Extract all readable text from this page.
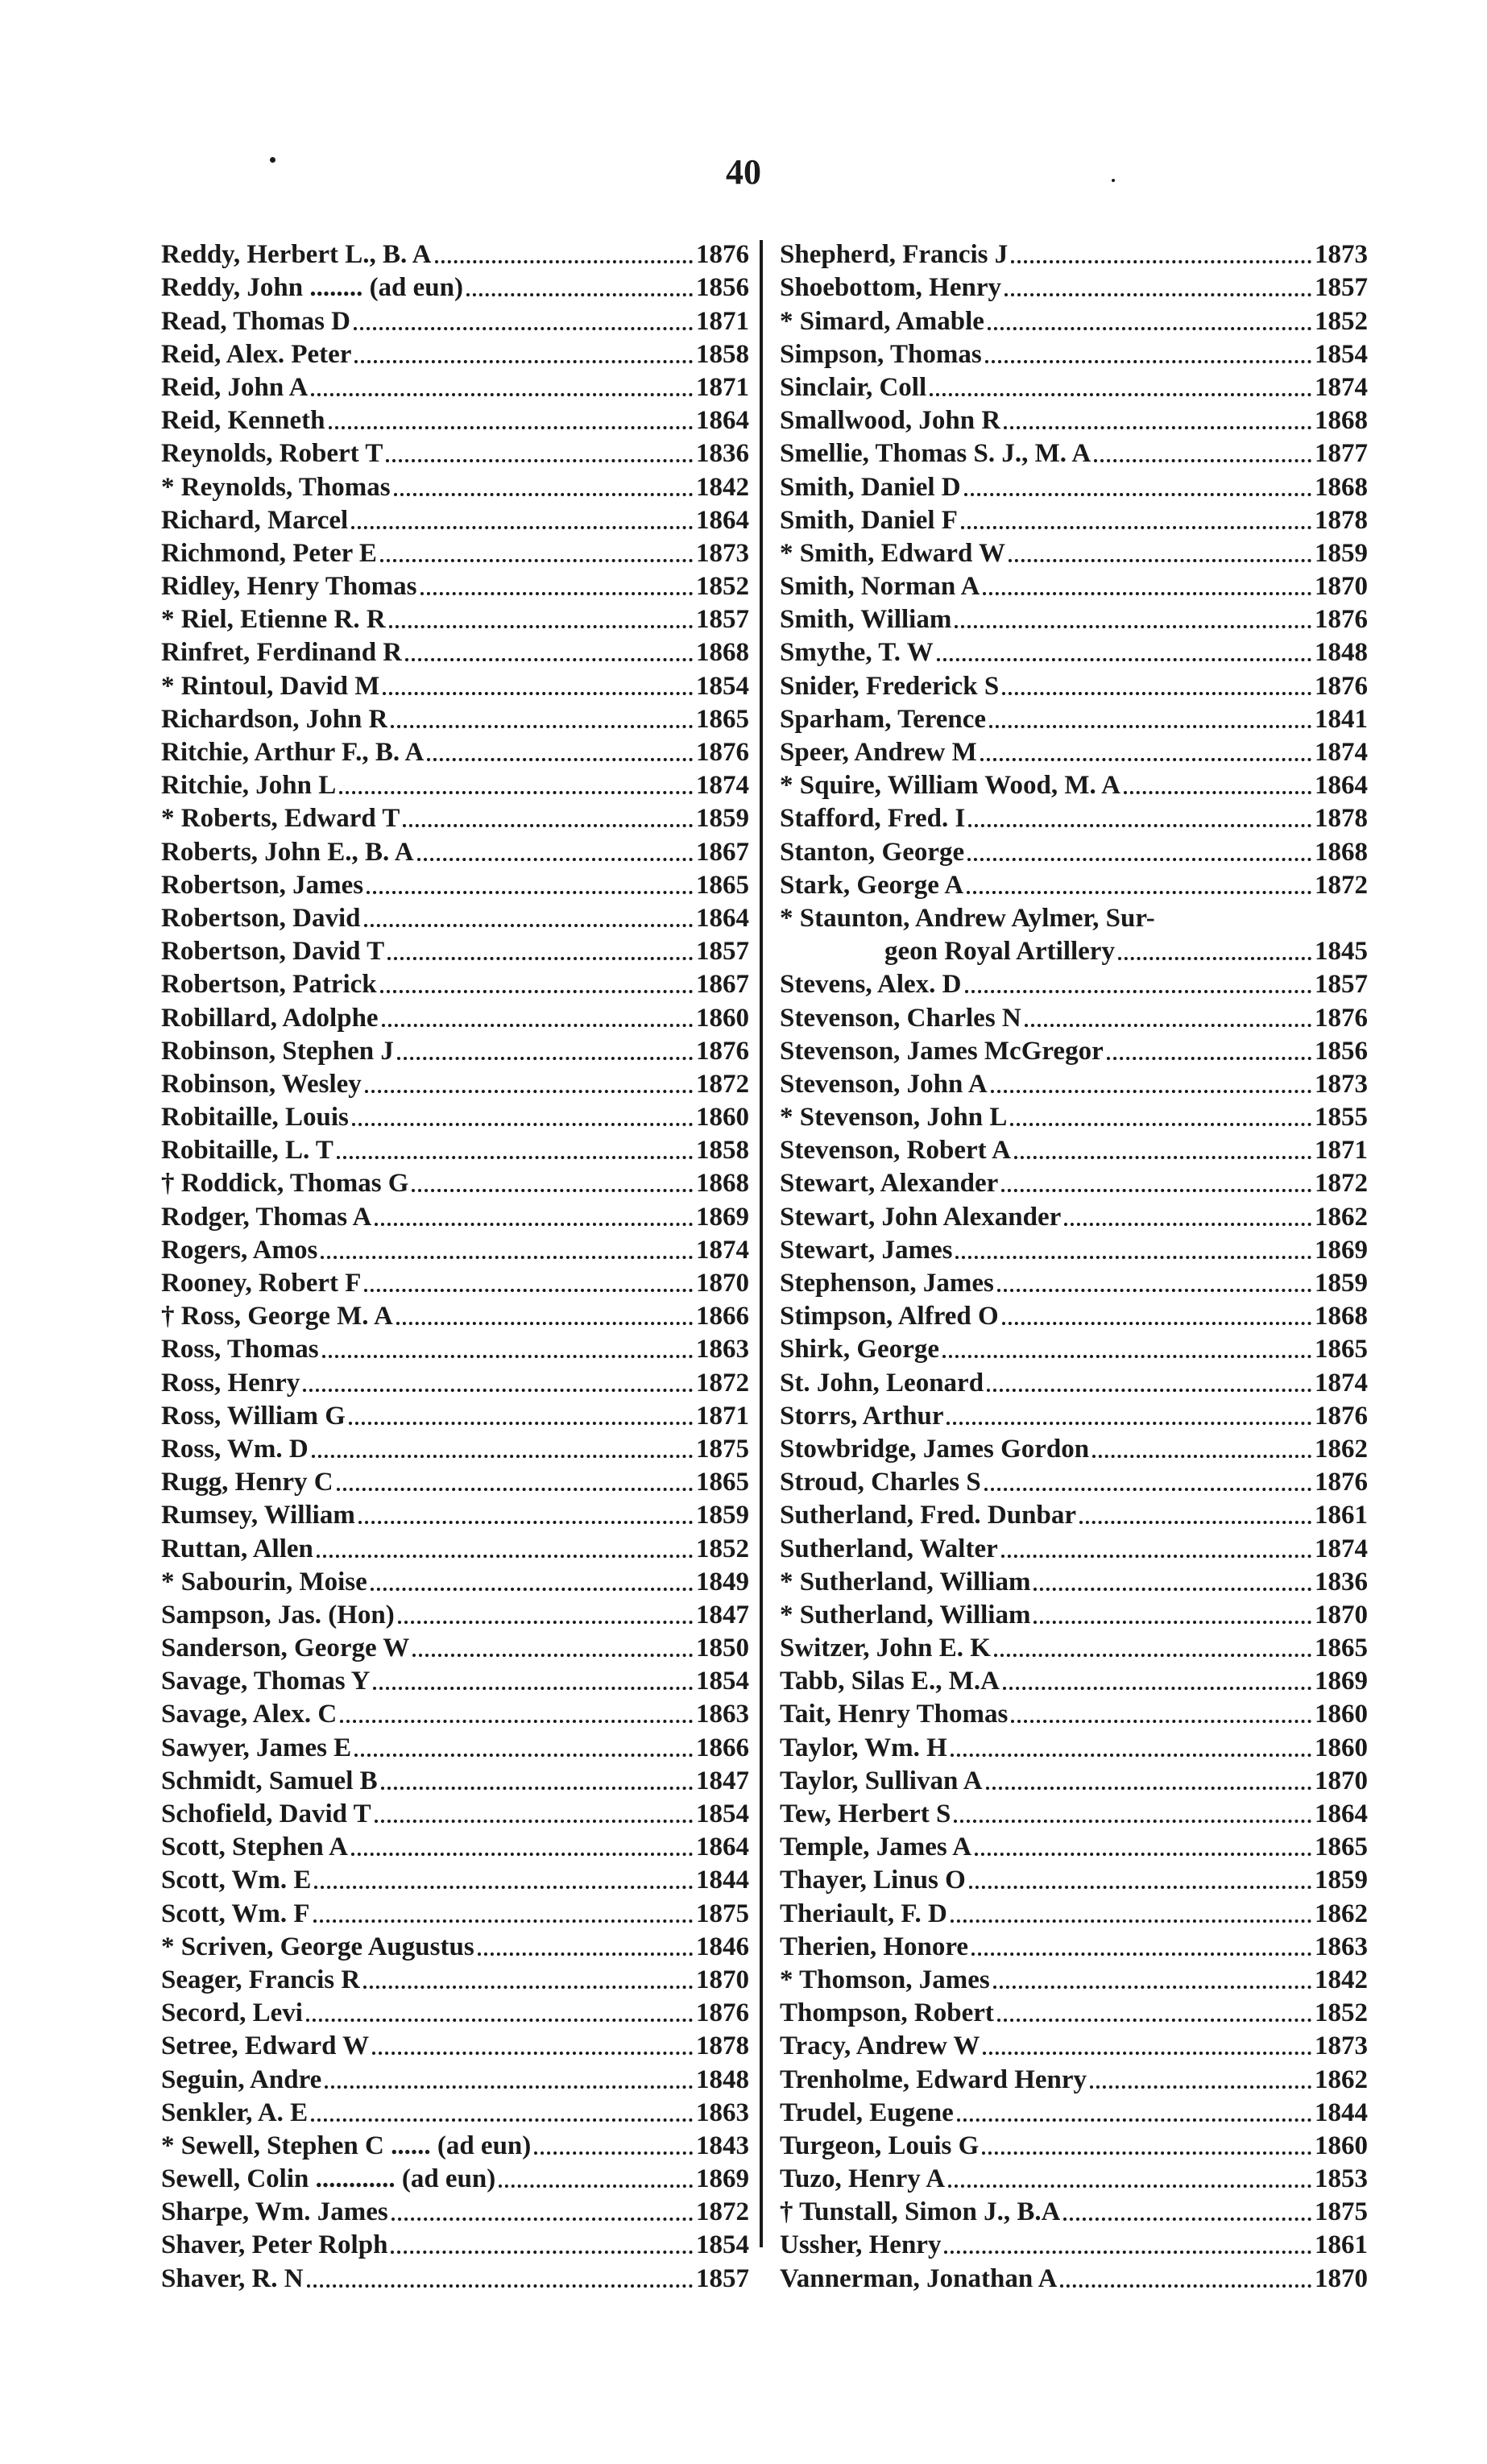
40
Reddy, Herbert L., B. A	1876
Reddy, John ........ (ad eun)	1856
Read, Thomas D	1871
Reid, Alex. Peter	1858
Reid, John A	1871
Reid, Kenneth	1864
Reynolds, Robert T	1836
* Reynolds, Thomas	1842
Richard, Marcel	1864
Richmond, Peter E	1873
Ridley, Henry Thomas	1852
* Riel, Etienne R. R	1857
Rinfret, Ferdinand R	1868
* Rintoul, David M	1854
Richardson, John R	1865
Ritchie, Arthur F., B. A	1876
Ritchie, John L	1874
* Roberts, Edward T	1859
Roberts, John E., B. A	1867
Robertson, James	1865
Robertson, David	1864
Robertson, David T	1857
Robertson, Patrick	1867
Robillard, Adolphe	1860
Robinson, Stephen J	1876
Robinson, Wesley	1872
Robitaille, Louis	1860
Robitaille, L. T	1858
† Roddick, Thomas G	1868
Rodger, Thomas A	1869
Rogers, Amos	1874
Rooney, Robert F	1870
† Ross, George M. A	1866
Ross, Thomas	1863
Ross, Henry	1872
Ross, William G	1871
Ross, Wm. D	1875
Rugg, Henry C	1865
Rumsey, William	1859
Ruttan, Allen	1852
* Sabourin, Moise	1849
Sampson, Jas. (Hon)	1847
Sanderson, George W	1850
Savage, Thomas Y	1854
Savage, Alex. C	1863
Sawyer, James E	1866
Schmidt, Samuel B	1847
Schofield, David T	1854
Scott, Stephen A	1864
Scott, Wm. E	1844
Scott, Wm. F	1875
* Scriven, George Augustus	1846
Seager, Francis R	1870
Secord, Levi	1876
Setree, Edward W	1878
Seguin, Andre	1848
Senkler, A. E	1863
* Sewell, Stephen C ...... (ad eun)	1843
Sewell, Colin ............ (ad eun)	1869
Sharpe, Wm. James	1872
Shaver, Peter Rolph	1854
Shaver, R. N	1857
Shepherd, Francis J	1873
Shoebottom, Henry	1857
* Simard, Amable	1852
Simpson, Thomas	1854
Sinclair, Coll	1874
Smallwood, John R	1868
Smellie, Thomas S. J., M. A	1877
Smith, Daniel D	1868
Smith, Daniel F	1878
* Smith, Edward W	1859
Smith, Norman A	1870
Smith, William	1876
Smythe, T. W	1848
Snider, Frederick S	1876
Sparham, Terence	1841
Speer, Andrew M	1874
* Squire, William Wood, M. A	1864
Stafford, Fred. I	1878
Stanton, George	1868
Stark, George A	1872
* Staunton, Andrew Aylmer, Sur-
geon Royal Artillery	1845
Stevens, Alex. D	1857
Stevenson, Charles N	1876
Stevenson, James McGregor	1856
Stevenson, John A	1873
* Stevenson, John L	1855
Stevenson, Robert A	1871
Stewart, Alexander	1872
Stewart, John Alexander	1862
Stewart, James	1869
Stephenson, James	1859
Stimpson, Alfred O	1868
Shirk, George	1865
St. John, Leonard	1874
Storrs, Arthur	1876
Stowbridge, James Gordon	1862
Stroud, Charles S	1876
Sutherland, Fred. Dunbar	1861
Sutherland, Walter	1874
* Sutherland, William	1836
* Sutherland, William	1870
Switzer, John E. K	1865
Tabb, Silas E., M.A	1869
Tait, Henry Thomas	1860
Taylor, Wm. H	1860
Taylor, Sullivan A	1870
Tew, Herbert S	1864
Temple, James A	1865
Thayer, Linus O	1859
Theriault, F. D	1862
Therien, Honore	1863
* Thomson, James	1842
Thompson, Robert	1852
Tracy, Andrew W	1873
Trenholme, Edward Henry	1862
Trudel, Eugene	1844
Turgeon, Louis G	1860
Tuzo, Henry A	1853
† Tunstall, Simon J., B.A	1875
Ussher, Henry	1861
Vannerman, Jonathan A	1870
